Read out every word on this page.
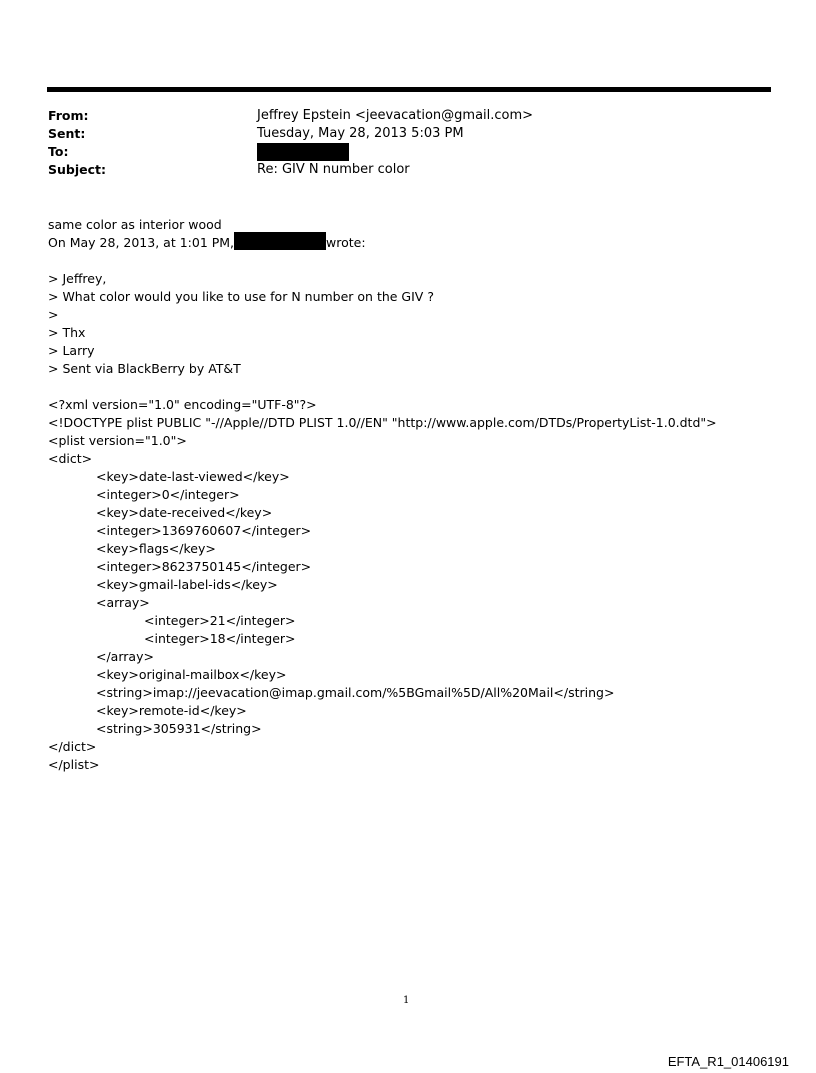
From:	Jeffrey Epstein <jeevacation@gmail.com>
Sent:	Tuesday, May 28, 2013 5:03 PM
To:
Subject:	Re: GIV N number color
same color as interior wood
On May 28, 2013, at 1:01 PM,	wrote:
> Jeffrey,
> What color would you like to use for N number on the GIV ?
>
> Thx
> Larry
> Sent via BlackBerry by AT&T
<?xml version="1.0" encoding="UTF-8"?>
<!DOCTYPE plist PUBLIC "-//Apple//DTD PLIST 1.0//EN" "http://www.apple.com/DTDs/PropertyList-1.0.dtd">
<plist version="1.0">
<dict>
<key>date-last-viewed</key>
<integer>0</integer>
<key>date-received</key>
<integer>1369760607</integer>
<key>flags</key>
<integer>8623750145</integer>
<key>gmail-label-ids</key>
<array>
<integer>21</integer>
<integer>18</integer>
</array>
<key>original-mailbox</key>
<string>imap://jeevacation@imap.gmail.com/%5BGmail%5D/All%20Mail</string>
<key>remote-id</key>
<string>305931</string>
</dict>
</plist>
1
EFTA_R1_01406191
